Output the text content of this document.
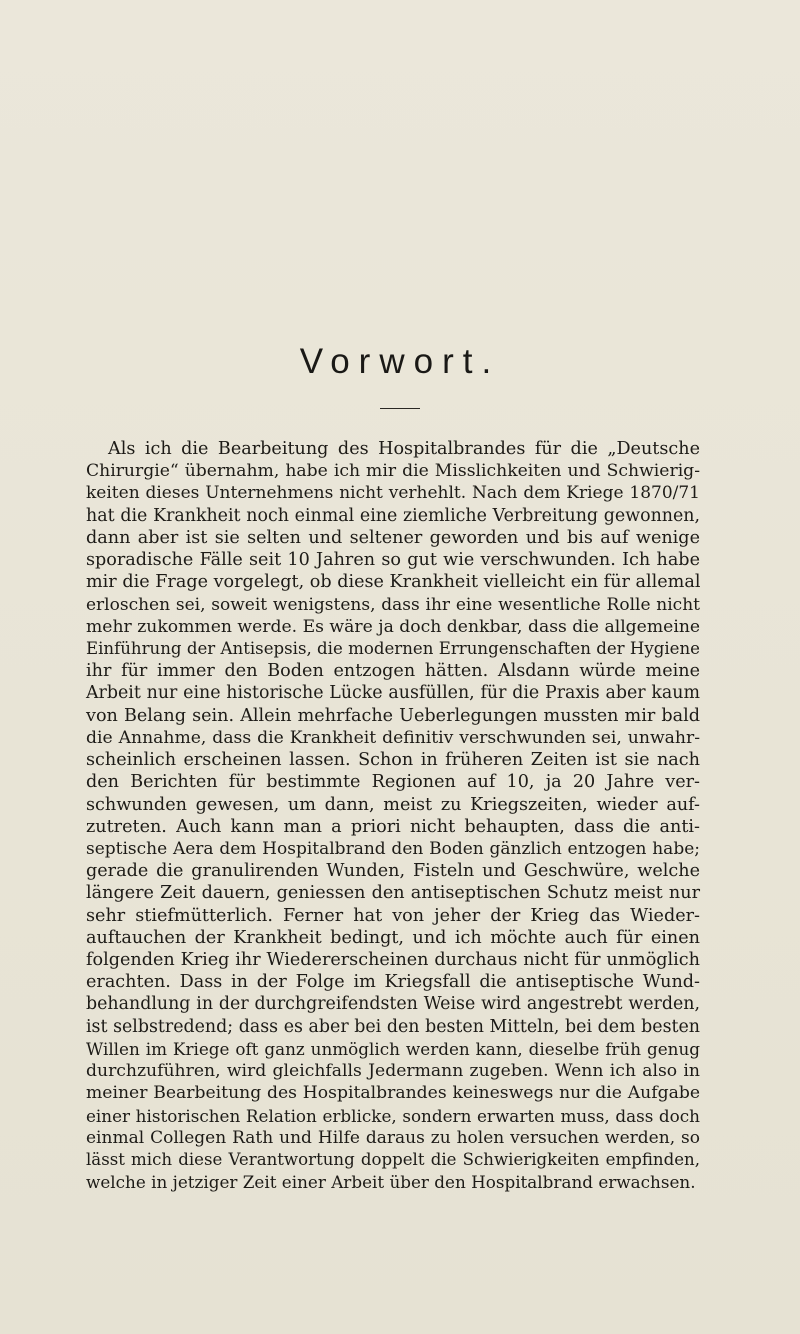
Vorwort.
Als ich die Bearbeitung des Hospitalbrandes für die „Deutsche
Chirurgie“ übernahm, habe ich mir die Misslichkeiten und Schwierig-
keiten dieses Unternehmens nicht verhehlt. Nach dem Kriege 1870/71
hat die Krankheit noch einmal eine ziemliche Verbreitung gewonnen,
dann aber ist sie selten und seltener geworden und bis auf wenige
sporadische Fälle seit 10 Jahren so gut wie verschwunden. Ich habe
mir die Frage vorgelegt, ob diese Krankheit vielleicht ein für allemal
erloschen sei, soweit wenigstens, dass ihr eine wesentliche Rolle nicht
mehr zukommen werde. Es wäre ja doch denkbar, dass die allgemeine
Einführung der Antisepsis, die modernen Errungenschaften der Hygiene
ihr für immer den Boden entzogen hätten. Alsdann würde meine
Arbeit nur eine historische Lücke ausfüllen, für die Praxis aber kaum
von Belang sein. Allein mehrfache Ueberlegungen mussten mir bald
die Annahme, dass die Krankheit definitiv verschwunden sei, unwahr-
scheinlich erscheinen lassen. Schon in früheren Zeiten ist sie nach
den Berichten für bestimmte Regionen auf 10, ja 20 Jahre ver-
schwunden gewesen, um dann, meist zu Kriegszeiten, wieder auf-
zutreten. Auch kann man a priori nicht behaupten, dass die anti-
septische Aera dem Hospitalbrand den Boden gänzlich entzogen habe;
gerade die granulirenden Wunden, Fisteln und Geschwüre, welche
längere Zeit dauern, geniessen den antiseptischen Schutz meist nur
sehr stiefmütterlich. Ferner hat von jeher der Krieg das Wieder-
auftauchen der Krankheit bedingt, und ich möchte auch für einen
folgenden Krieg ihr Wiedererscheinen durchaus nicht für unmöglich
erachten. Dass in der Folge im Kriegsfall die antiseptische Wund-
behandlung in der durchgreifendsten Weise wird angestrebt werden,
ist selbstredend; dass es aber bei den besten Mitteln, bei dem besten
Willen im Kriege oft ganz unmöglich werden kann, dieselbe früh genug
durchzuführen, wird gleichfalls Jedermann zugeben. Wenn ich also in
meiner Bearbeitung des Hospitalbrandes keineswegs nur die Aufgabe
einer historischen Relation erblicke, sondern erwarten muss, dass doch
einmal Collegen Rath und Hilfe daraus zu holen versuchen werden, so
lässt mich diese Verantwortung doppelt die Schwierigkeiten empfinden,
welche in jetziger Zeit einer Arbeit über den Hospitalbrand erwachsen.
